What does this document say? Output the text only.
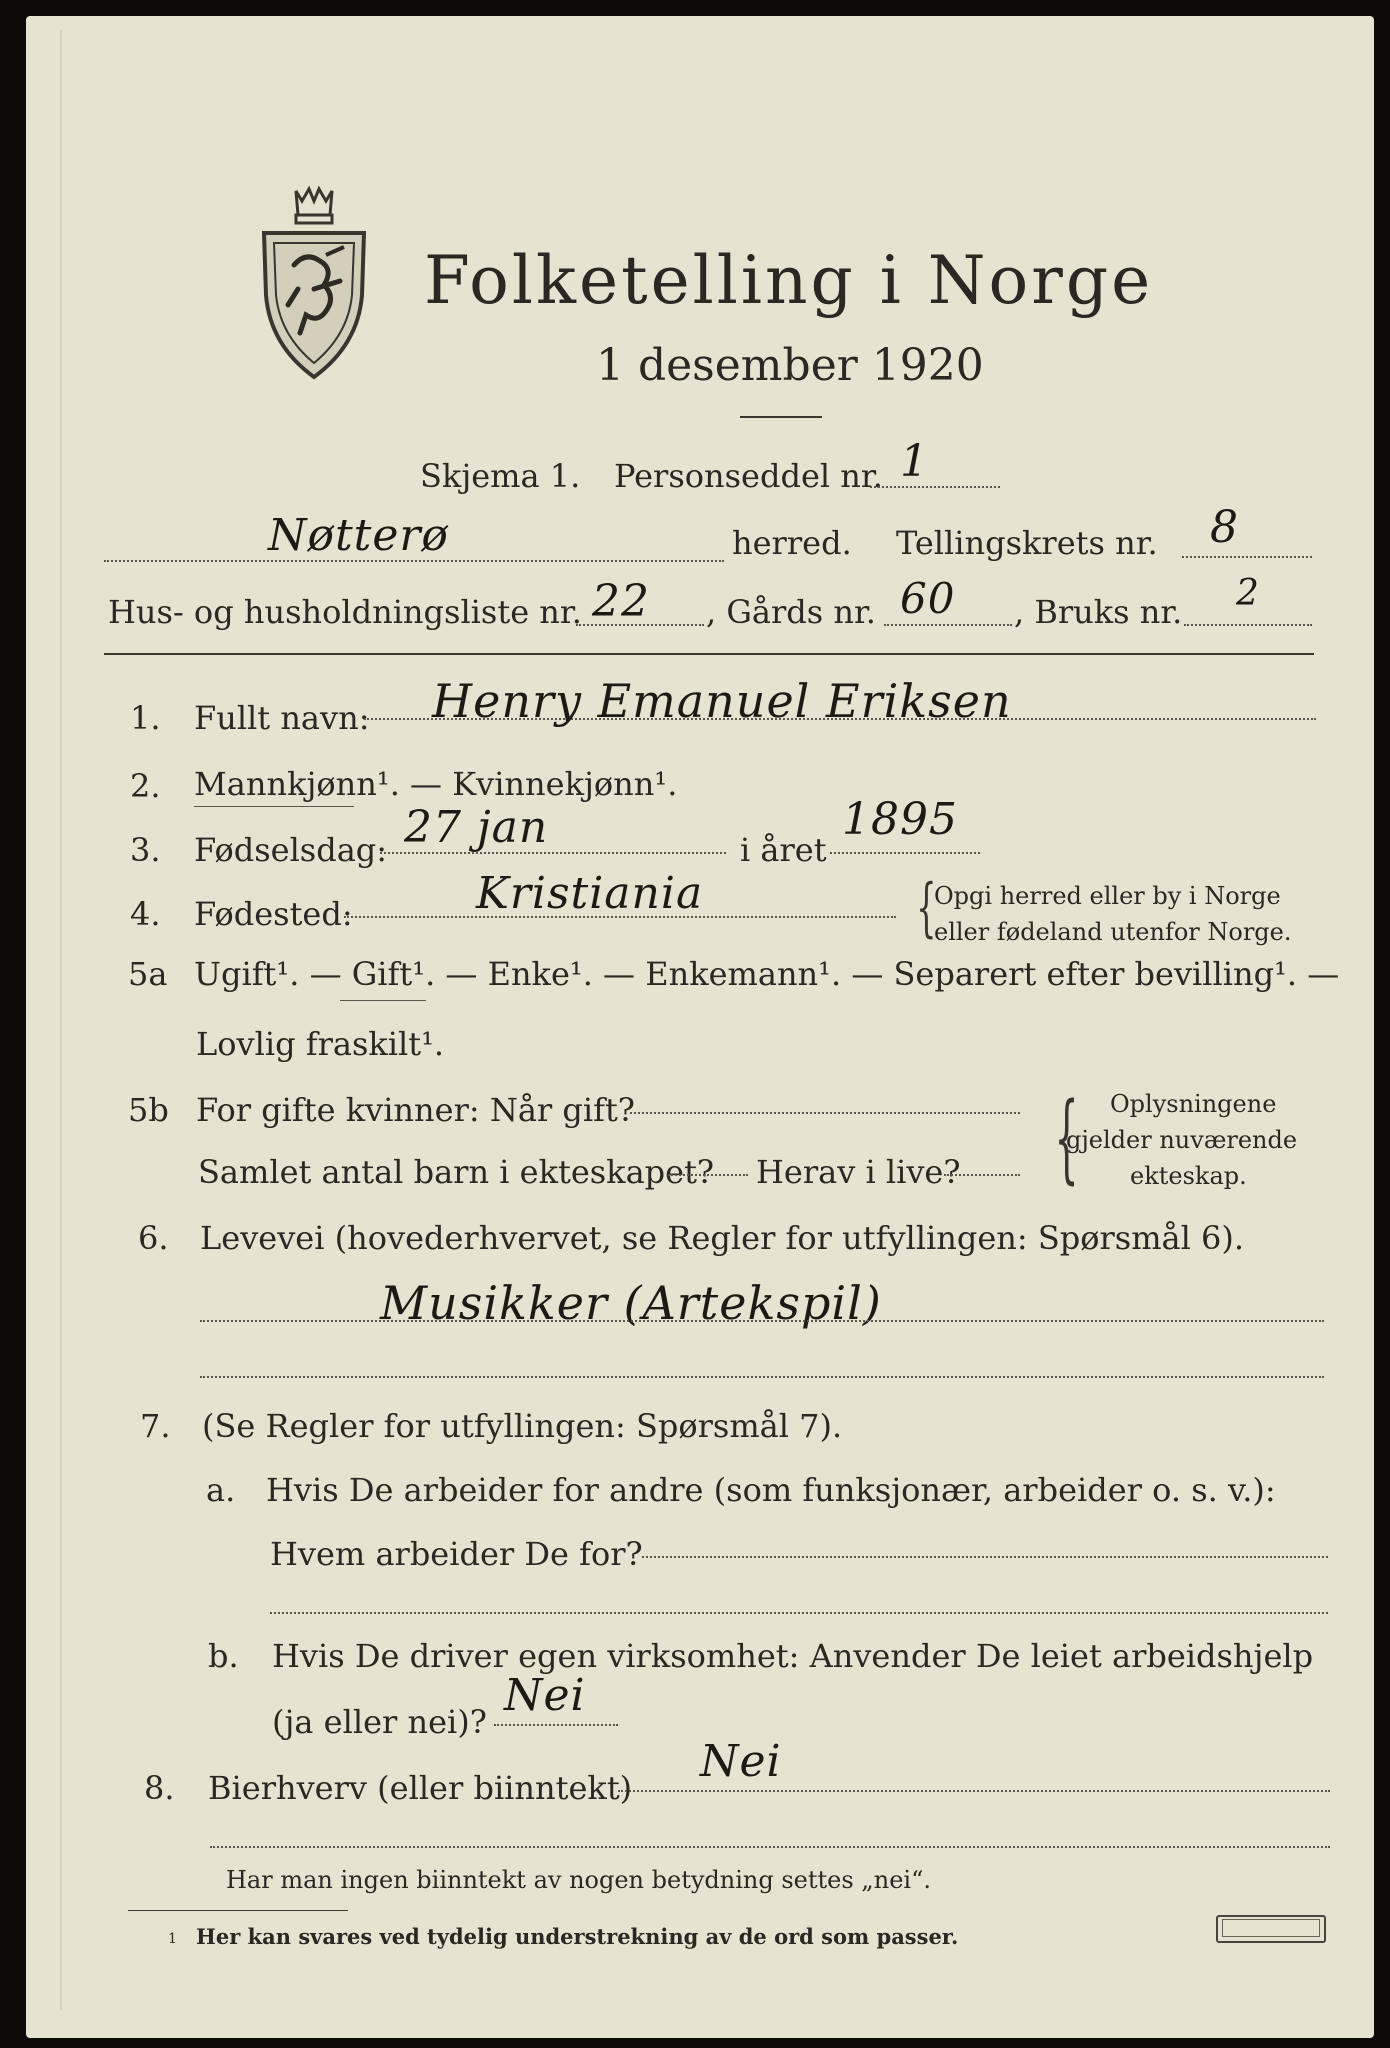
Folketelling i Norge
1 desember 1920
Skjema 1. Personseddel nr. 1
Nøtterø	herred. Tellingskrets nr. 8
Hus- og husholdningsliste nr. 22 , Gårds nr. 60 , Bruks nr. 2
1. Fullt navn: Henry Emanuel Eriksen
2. Mannkjønn¹. — Kvinnekjønn¹.
3. Fødselsdag: 27 jan	i året
1895
4. Fødested:	Kristiania	{
Opgi herred eller by i Norge
eller fødeland utenfor Norge.
5a Ugift¹. — Gift¹. — Enke¹. — Enkemann¹. — Separert efter bevilling¹. —
Lovlig fraskilt¹.
5b For gifte kvinner: Når gift?
Samlet antal barn i ekteskapet? Herav i live? { Oplysningene
gjelder nuværende
ekteskap.
6. Levevei (hovederhvervet, se Regler for utfyllingen: Spørsmål 6).
Musikker (Artekspil)
7. (Se Regler for utfyllingen: Spørsmål 7).
a. Hvis De arbeider for andre (som funksjonær, arbeider o. s. v.):
Hvem arbeider De for?
b. Hvis De driver egen virksomhet: Anvender De leiet arbeidshjelp
(ja eller nei)?
Nei
8. Bierhverv (eller biinntekt)
Nei
Har man ingen biinntekt av nogen betydning settes „nei“.
1 Her kan svares ved tydelig understrekning av de ord som passer.
